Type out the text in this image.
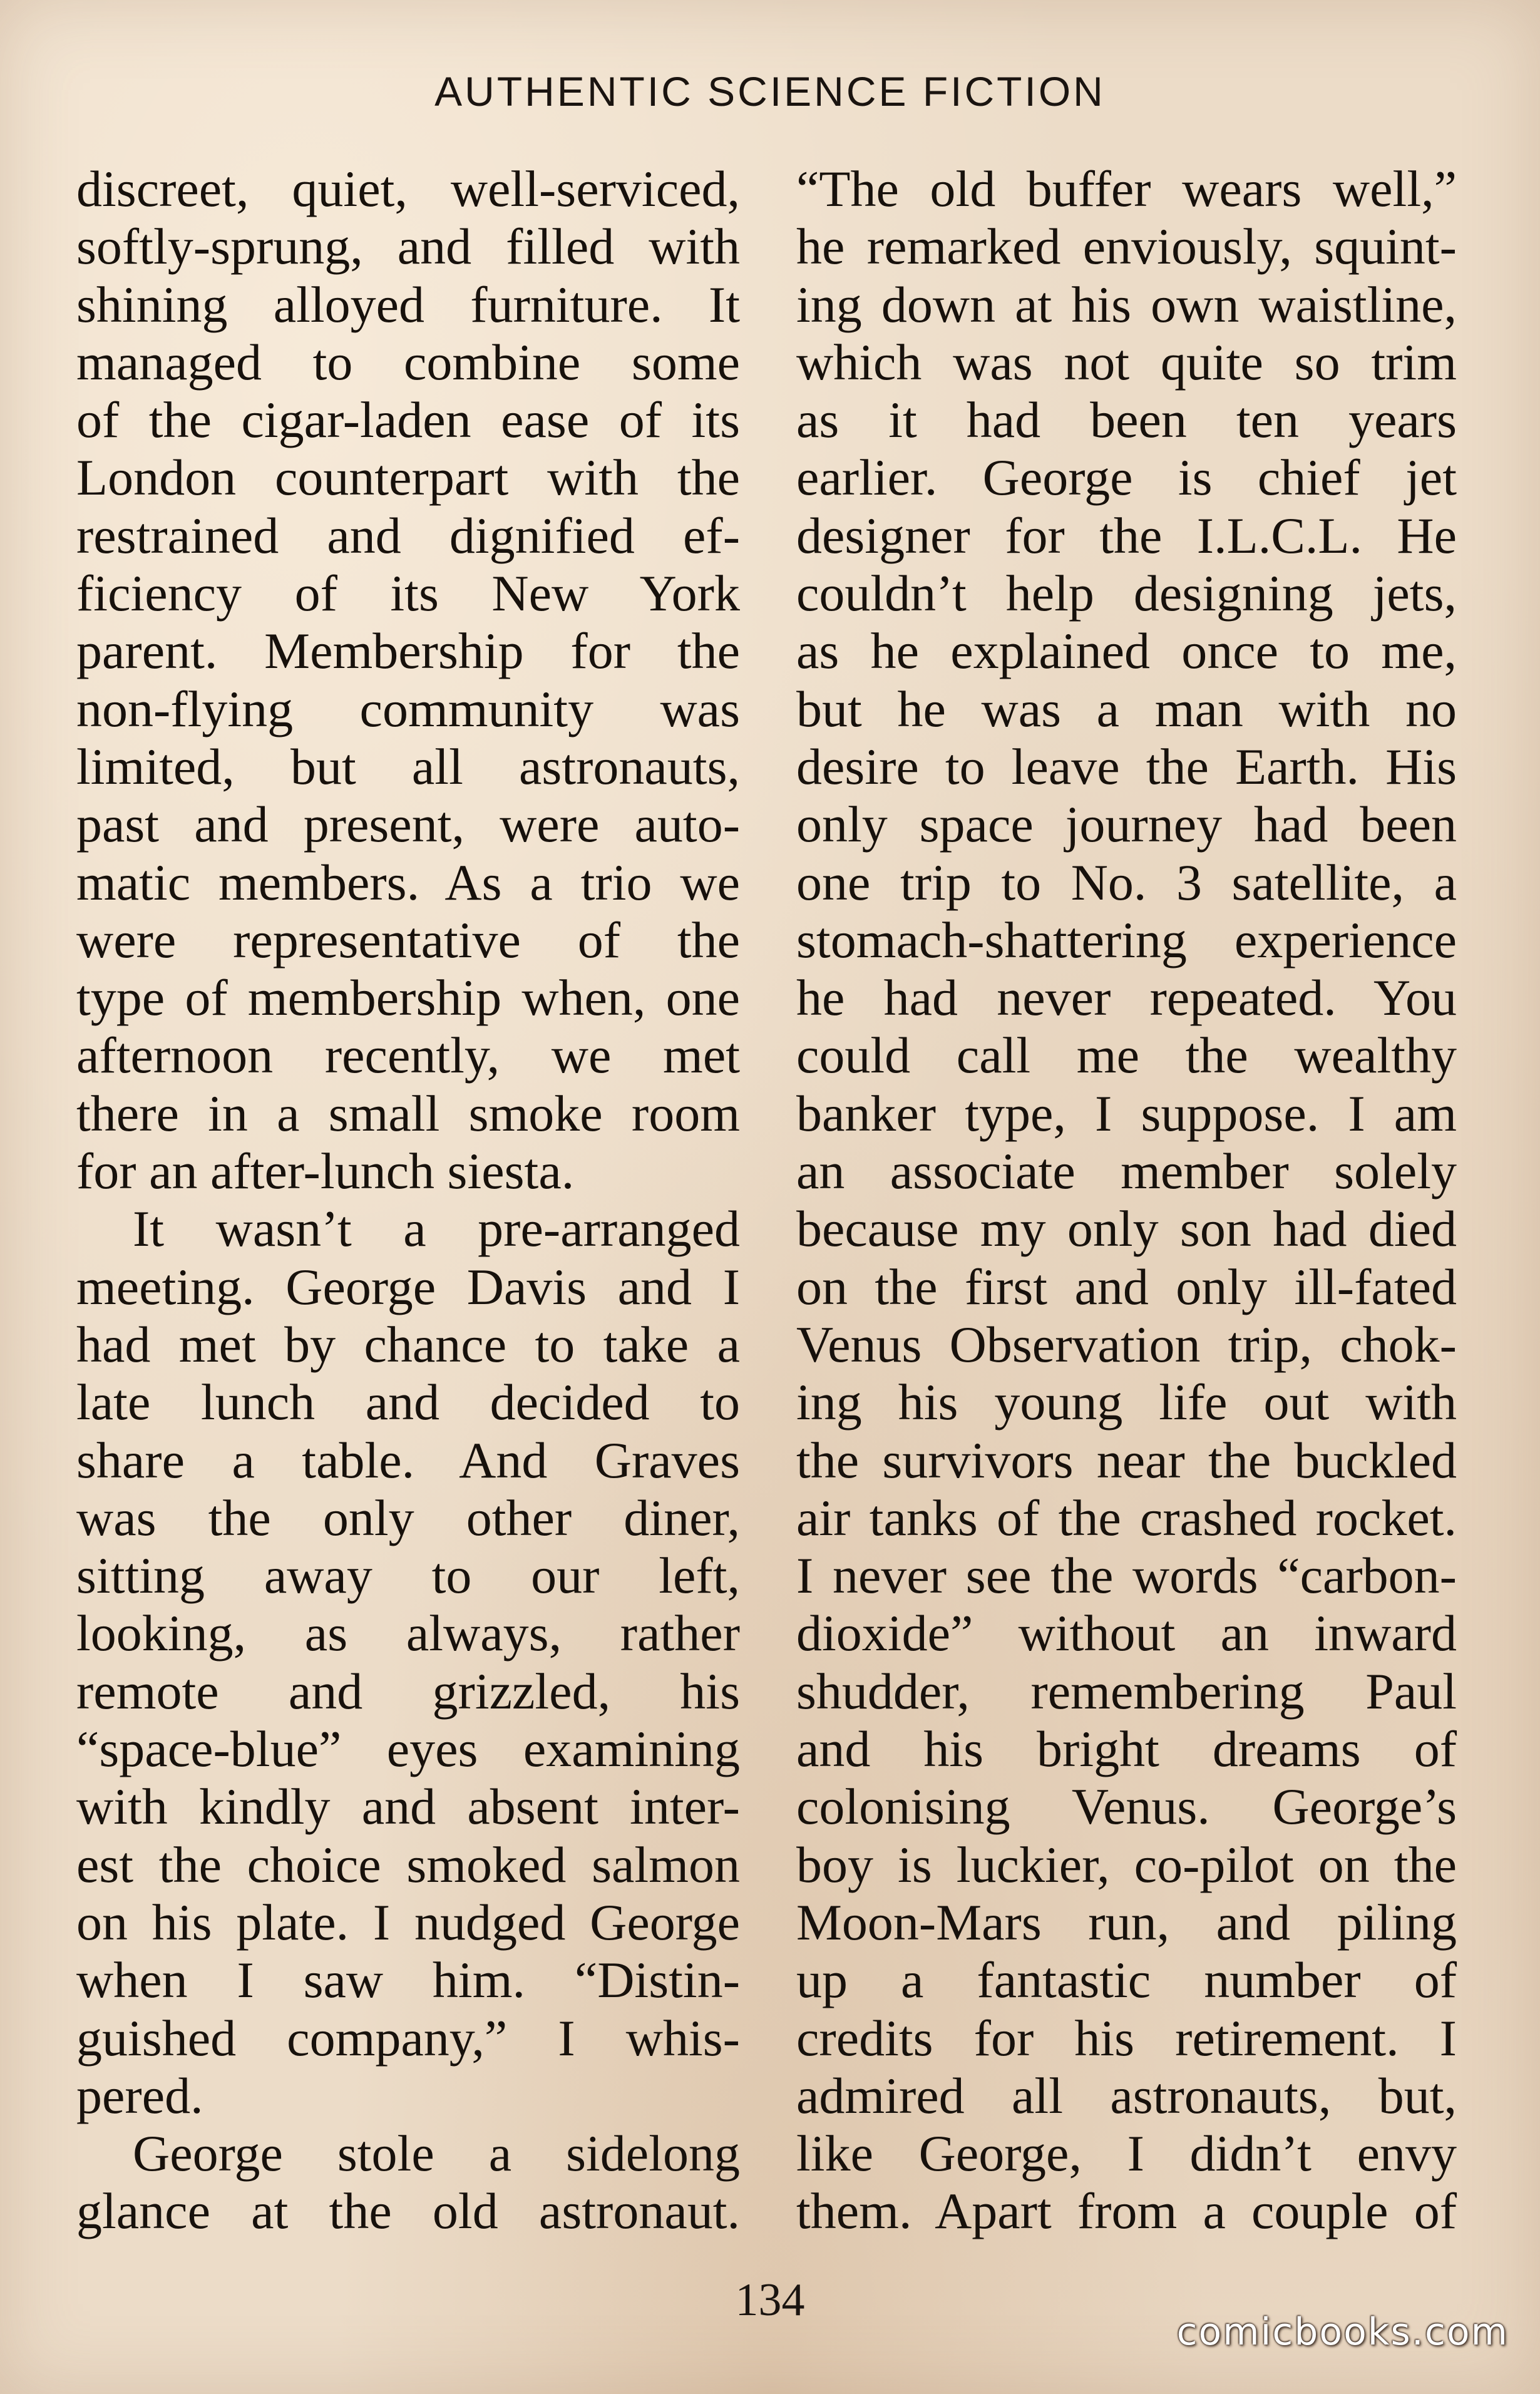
AUTHENTIC SCIENCE FICTION
discreet, quiet, well-serviced,
softly-sprung, and filled with
shining alloyed furniture. It
managed to combine some
of the cigar-laden ease of its
London counterpart with the
restrained and dignified ef-
ficiency of its New York
parent. Membership for the
non-flying community was
limited, but all astronauts,
past and present, were auto-
matic members. As a trio we
were representative of the
type of membership when, one
afternoon recently, we met
there in a small smoke room
for an after-lunch siesta.
It wasn’t a pre-arranged
meeting. George Davis and I
had met by chance to take a
late lunch and decided to
share a table. And Graves
was the only other diner,
sitting away to our left,
looking, as always, rather
remote and grizzled, his
“space-blue” eyes examining
with kindly and absent inter-
est the choice smoked salmon
on his plate. I nudged George
when I saw him. “Distin-
guished company,” I whis-
pered.
George stole a sidelong
glance at the old astronaut.
“The old buffer wears well,”
he remarked enviously, squint-
ing down at his own waistline,
which was not quite so trim
as it had been ten years
earlier. George is chief jet
designer for the I.L.C.L. He
couldn’t help designing jets,
as he explained once to me,
but he was a man with no
desire to leave the Earth. His
only space journey had been
one trip to No. 3 satellite, a
stomach-shattering experience
he had never repeated. You
could call me the wealthy
banker type, I suppose. I am
an associate member solely
because my only son had died
on the first and only ill-fated
Venus Observation trip, chok-
ing his young life out with
the survivors near the buckled
air tanks of the crashed rocket.
I never see the words “carbon-
dioxide” without an inward
shudder, remembering Paul
and his bright dreams of
colonising Venus. George’s
boy is luckier, co-pilot on the
Moon-Mars run, and piling
up a fantastic number of
credits for his retirement. I
admired all astronauts, but,
like George, I didn’t envy
them. Apart from a couple of
134
comicbooks.com
